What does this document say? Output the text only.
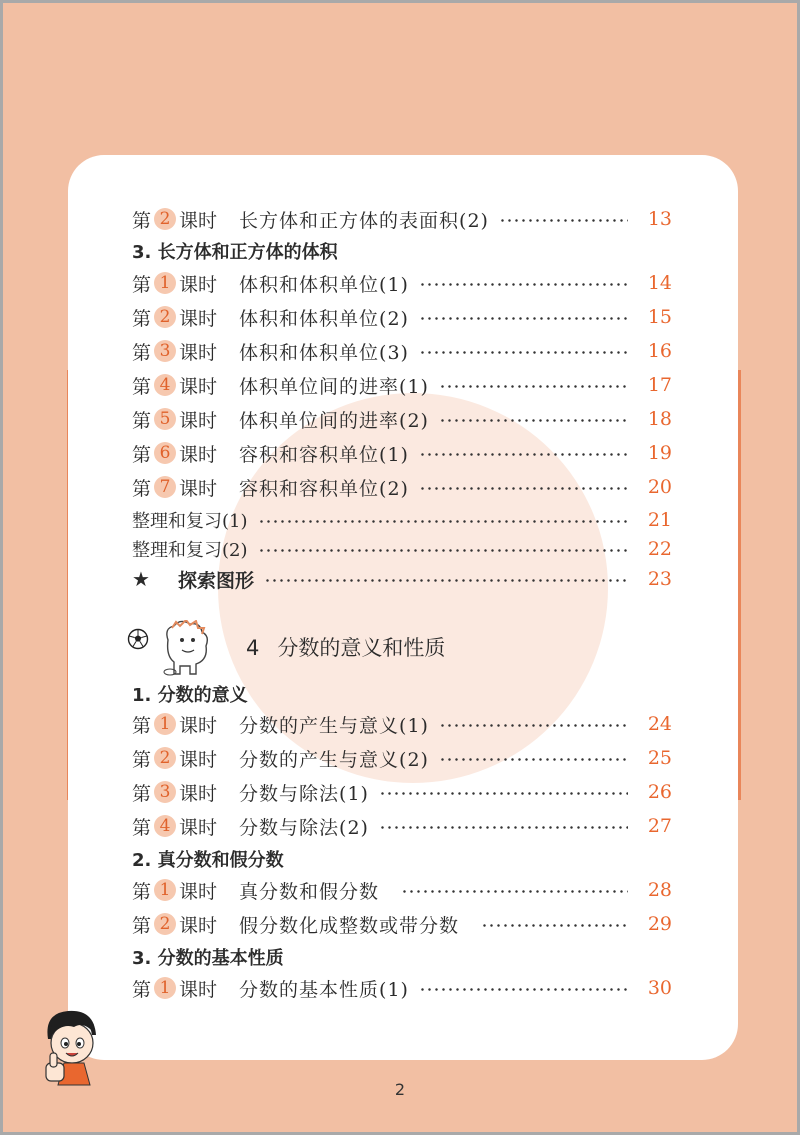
第 2 课时 长方体和正方体的表面积(2)	13
3. 长方体和正方体的体积
第 1 课时 体积和体积单位(1)	14
第 2 课时 体积和体积单位(2)	15
第 3 课时 体积和体积单位(3)	16
第 4 课时 体积单位间的进率(1)	17
第 5 课时 体积单位间的进率(2)	18
第 6 课时 容积和容积单位(1)	19
第 7 课时 容积和容积单位(2)	20
整理和复习(1)	21
整理和复习(2)	22
★ 探索图形	23
4 分数的意义和性质
1. 分数的意义
第 1 课时 分数的产生与意义(1)	24
第 2 课时 分数的产生与意义(2)	25
第 3 课时 分数与除法(1)	26
第 4 课时 分数与除法(2)	27
2. 真分数和假分数
第 1 课时 真分数和假分数	28
第 2 课时 假分数化成整数或带分数	29
3. 分数的基本性质
第 1 课时 分数的基本性质(1)	30
2
